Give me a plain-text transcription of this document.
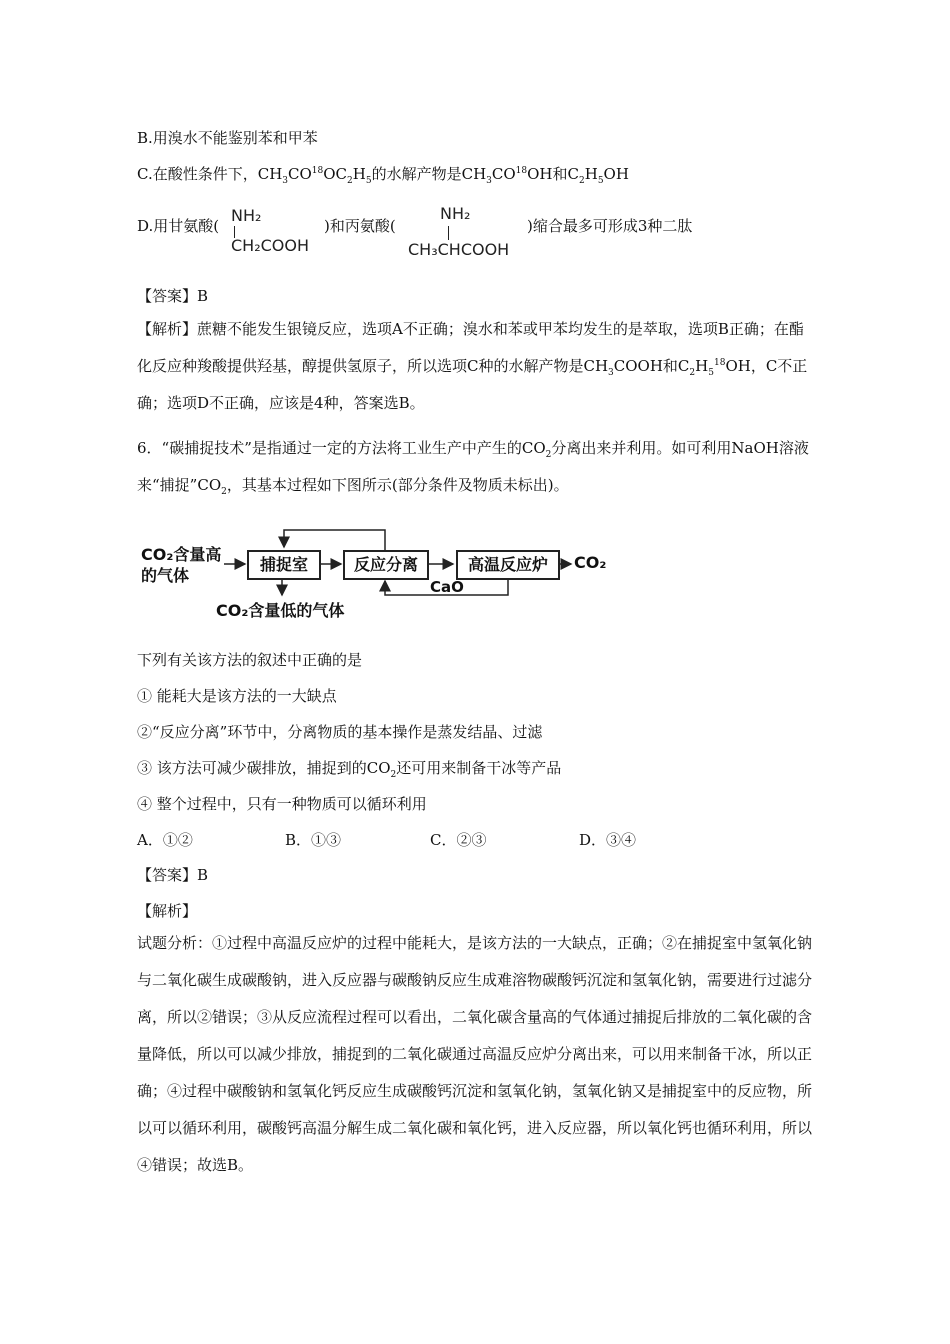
B.用溴水不能鉴别苯和甲苯
C.在酸性条件下，$CH_3CO^{18}OC_2H_5$的水解产物是$CH_3CO^{18}OH$和$C_2H_5OH$
D.用甘氨酸(	)和丙氨酸(	)缩合最多可形成3种二肽
NH₂
CH₂COOH
NH₂
CH₃CHCOOH
【答案】B
【解析】蔗糖不能发生银镜反应，选项A不正确；溴水和苯或甲苯均发生的是萃取，选项B正确；在酯化反应种羧酸提供羟基，醇提供氢原子，所以选项C种的水解产物是$CH_3COOH$和$C_2H_5^{18}OH$，C不正确；选项D不正确，应该是4种，答案选B。
6．“碳捕捉技术”是指通过一定的方法将工业生产中产生的$CO_2$分离出来并利用。如可利用NaOH溶液来“捕捉$”CO_2$，其基本过程如下图所示(部分条件及物质未标出)。
CO₂含量高
的气体
捕捉室	反应分离	高温反应炉	CO₂
CaO
CO₂含量低的气体
下列有关该方法的叙述中正确的是
① 能耗大是该方法的一大缺点
②“反应分离”环节中，分离物质的基本操作是蒸发结晶、过滤
③ 该方法可减少碳排放，捕捉到的$CO_2$还可用来制备干冰等产品
④ 整个过程中，只有一种物质可以循环利用
A．①②	B．①③	C．②③	D．③④
【答案】B
【解析】
试题分析：①过程中高温反应炉的过程中能耗大，是该方法的一大缺点，正确；②在捕捉室中氢氧化钠与二氧化碳生成碳酸钠，进入反应器与碳酸钠反应生成难溶物碳酸钙沉淀和氢氧化钠，需要进行过滤分离，所以②错误；③从反应流程过程可以看出，二氧化碳含量高的气体通过捕捉后排放的二氧化碳的含量降低，所以可以减少排放，捕捉到的二氧化碳通过高温反应炉分离出来，可以用来制备干冰，所以正确；④过程中碳酸钠和氢氧化钙反应生成碳酸钙沉淀和氢氧化钠，氢氧化钠又是捕捉室中的反应物，所以可以循环利用，碳酸钙高温分解生成二氧化碳和氧化钙，进入反应器，所以氧化钙也循环利用，所以④错误；故选B。
